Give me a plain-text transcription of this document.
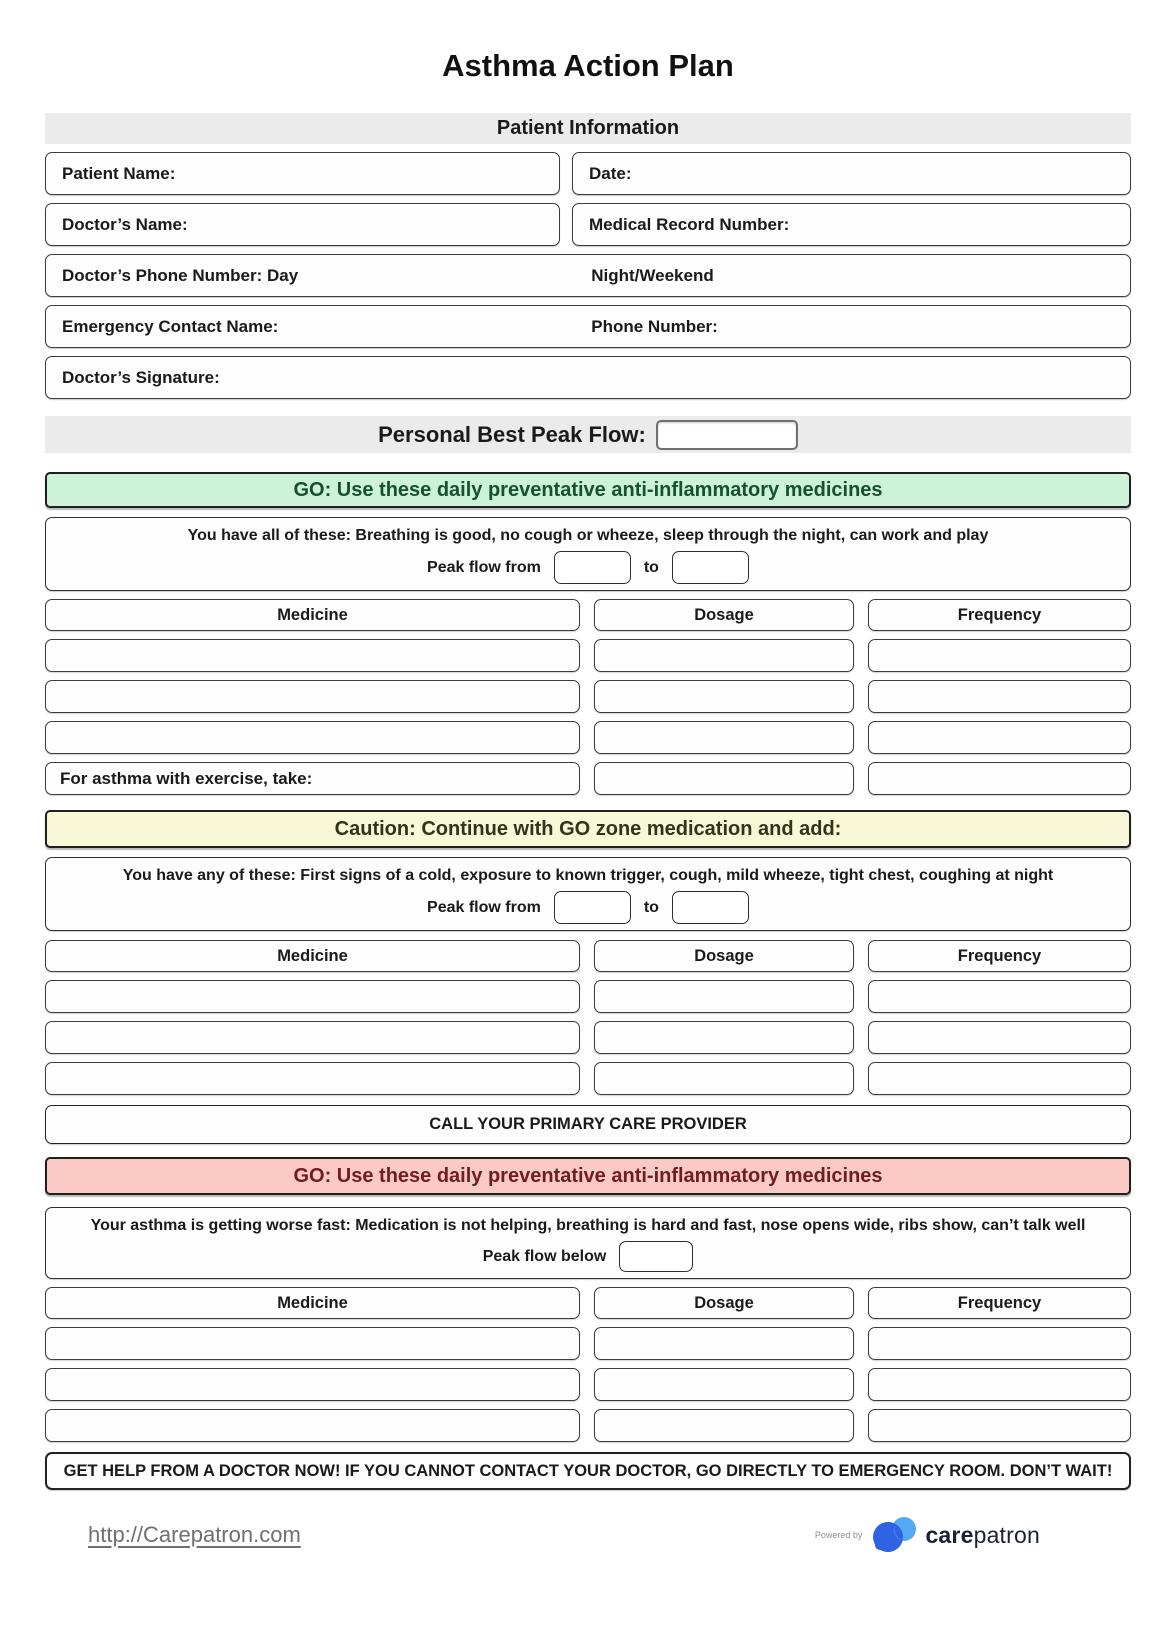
Asthma Action Plan
Patient Information
Patient Name:	Date:
Doctor’s Name:	Medical Record Number:
Doctor’s Phone Number: Day	Night/Weekend
Emergency Contact Name:	Phone Number:
Doctor’s Signature:
Personal Best Peak Flow:
GO: Use these daily preventative anti-inflammatory medicines
You have all of these: Breathing is good, no cough or wheeze, sleep through the night, can work and play
Peak flow from	to
Medicine	Dosage	Frequency
For asthma with exercise, take:
Caution: Continue with GO zone medication and add:
You have any of these: First signs of a cold, exposure to known trigger, cough, mild wheeze, tight chest, coughing at night
Peak flow from	to
Medicine	Dosage	Frequency
CALL YOUR PRIMARY CARE PROVIDER
GO: Use these daily preventative anti-inflammatory medicines
Your asthma is getting worse fast: Medication is not helping, breathing is hard and fast, nose opens wide, ribs show, can’t talk well
Peak flow below
Medicine	Dosage	Frequency
GET HELP FROM A DOCTOR NOW! IF YOU CANNOT CONTACT YOUR DOCTOR, GO DIRECTLY TO EMERGENCY ROOM. DON’T WAIT!
http://Carepatron.com	Powered by	carepatron
